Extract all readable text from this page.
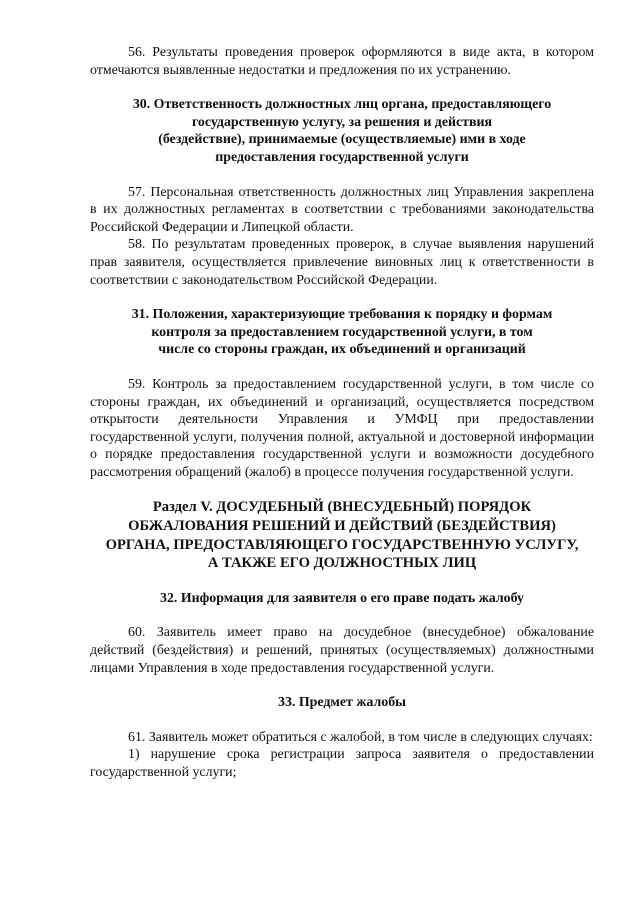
56. Результаты проведения проверок оформляются в виде акта, в котором отмечаются выявленные недостатки и предложения по их устранению.

30. Ответственность должностных лиц органа, предоставляющего

государственную услугу, за решения и действия

(бездействие), принимаемые (осуществляемые) ими в ходе

предоставления государственной услуги

57. Персональная ответственность должностных лиц Управления закреплена в их должностных регламентах в соответствии с требованиями законодательства Российской Федерации и Липецкой области.

58. По результатам проведенных проверок, в случае выявления нарушений прав заявителя, осуществляется привлечение виновных лиц к ответственности в соответствии с законодательством Российской Федерации.

31. Положения, характеризующие требования к порядку и формам

контроля за предоставлением государственной услуги, в том

числе со стороны граждан, их объединений и организаций

59. Контроль за предоставлением государственной услуги, в том числе со стороны граждан, их объединений и организаций, осуществляется посредством открытости деятельности Управления и УМФЦ при предоставлении государственной услуги, получения полной, актуальной и достоверной информации о порядке предоставления государственной услуги и возможности досудебного рассмотрения обращений (жалоб) в процессе получения государственной услуги.

Раздел V. ДОСУДЕБНЫЙ (ВНЕСУДЕБНЫЙ) ПОРЯДОК

ОБЖАЛОВАНИЯ РЕШЕНИЙ И ДЕЙСТВИЙ (БЕЗДЕЙСТВИЯ)

ОРГАНА, ПРЕДОСТАВЛЯЮЩЕГО ГОСУДАРСТВЕННУЮ УСЛУГУ,

А ТАКЖЕ ЕГО ДОЛЖНОСТНЫХ ЛИЦ

32. Информация для заявителя о его праве подать жалобу

60. Заявитель имеет право на досудебное (внесудебное) обжалование действий (бездействия) и решений, принятых (осуществляемых) должностными лицами Управления в ходе предоставления государственной услуги.

33. Предмет жалобы

61. Заявитель может обратиться с жалобой, в том числе в следующих случаях:

1) нарушение срока регистрации запроса заявителя о предоставлении государственной услуги;
